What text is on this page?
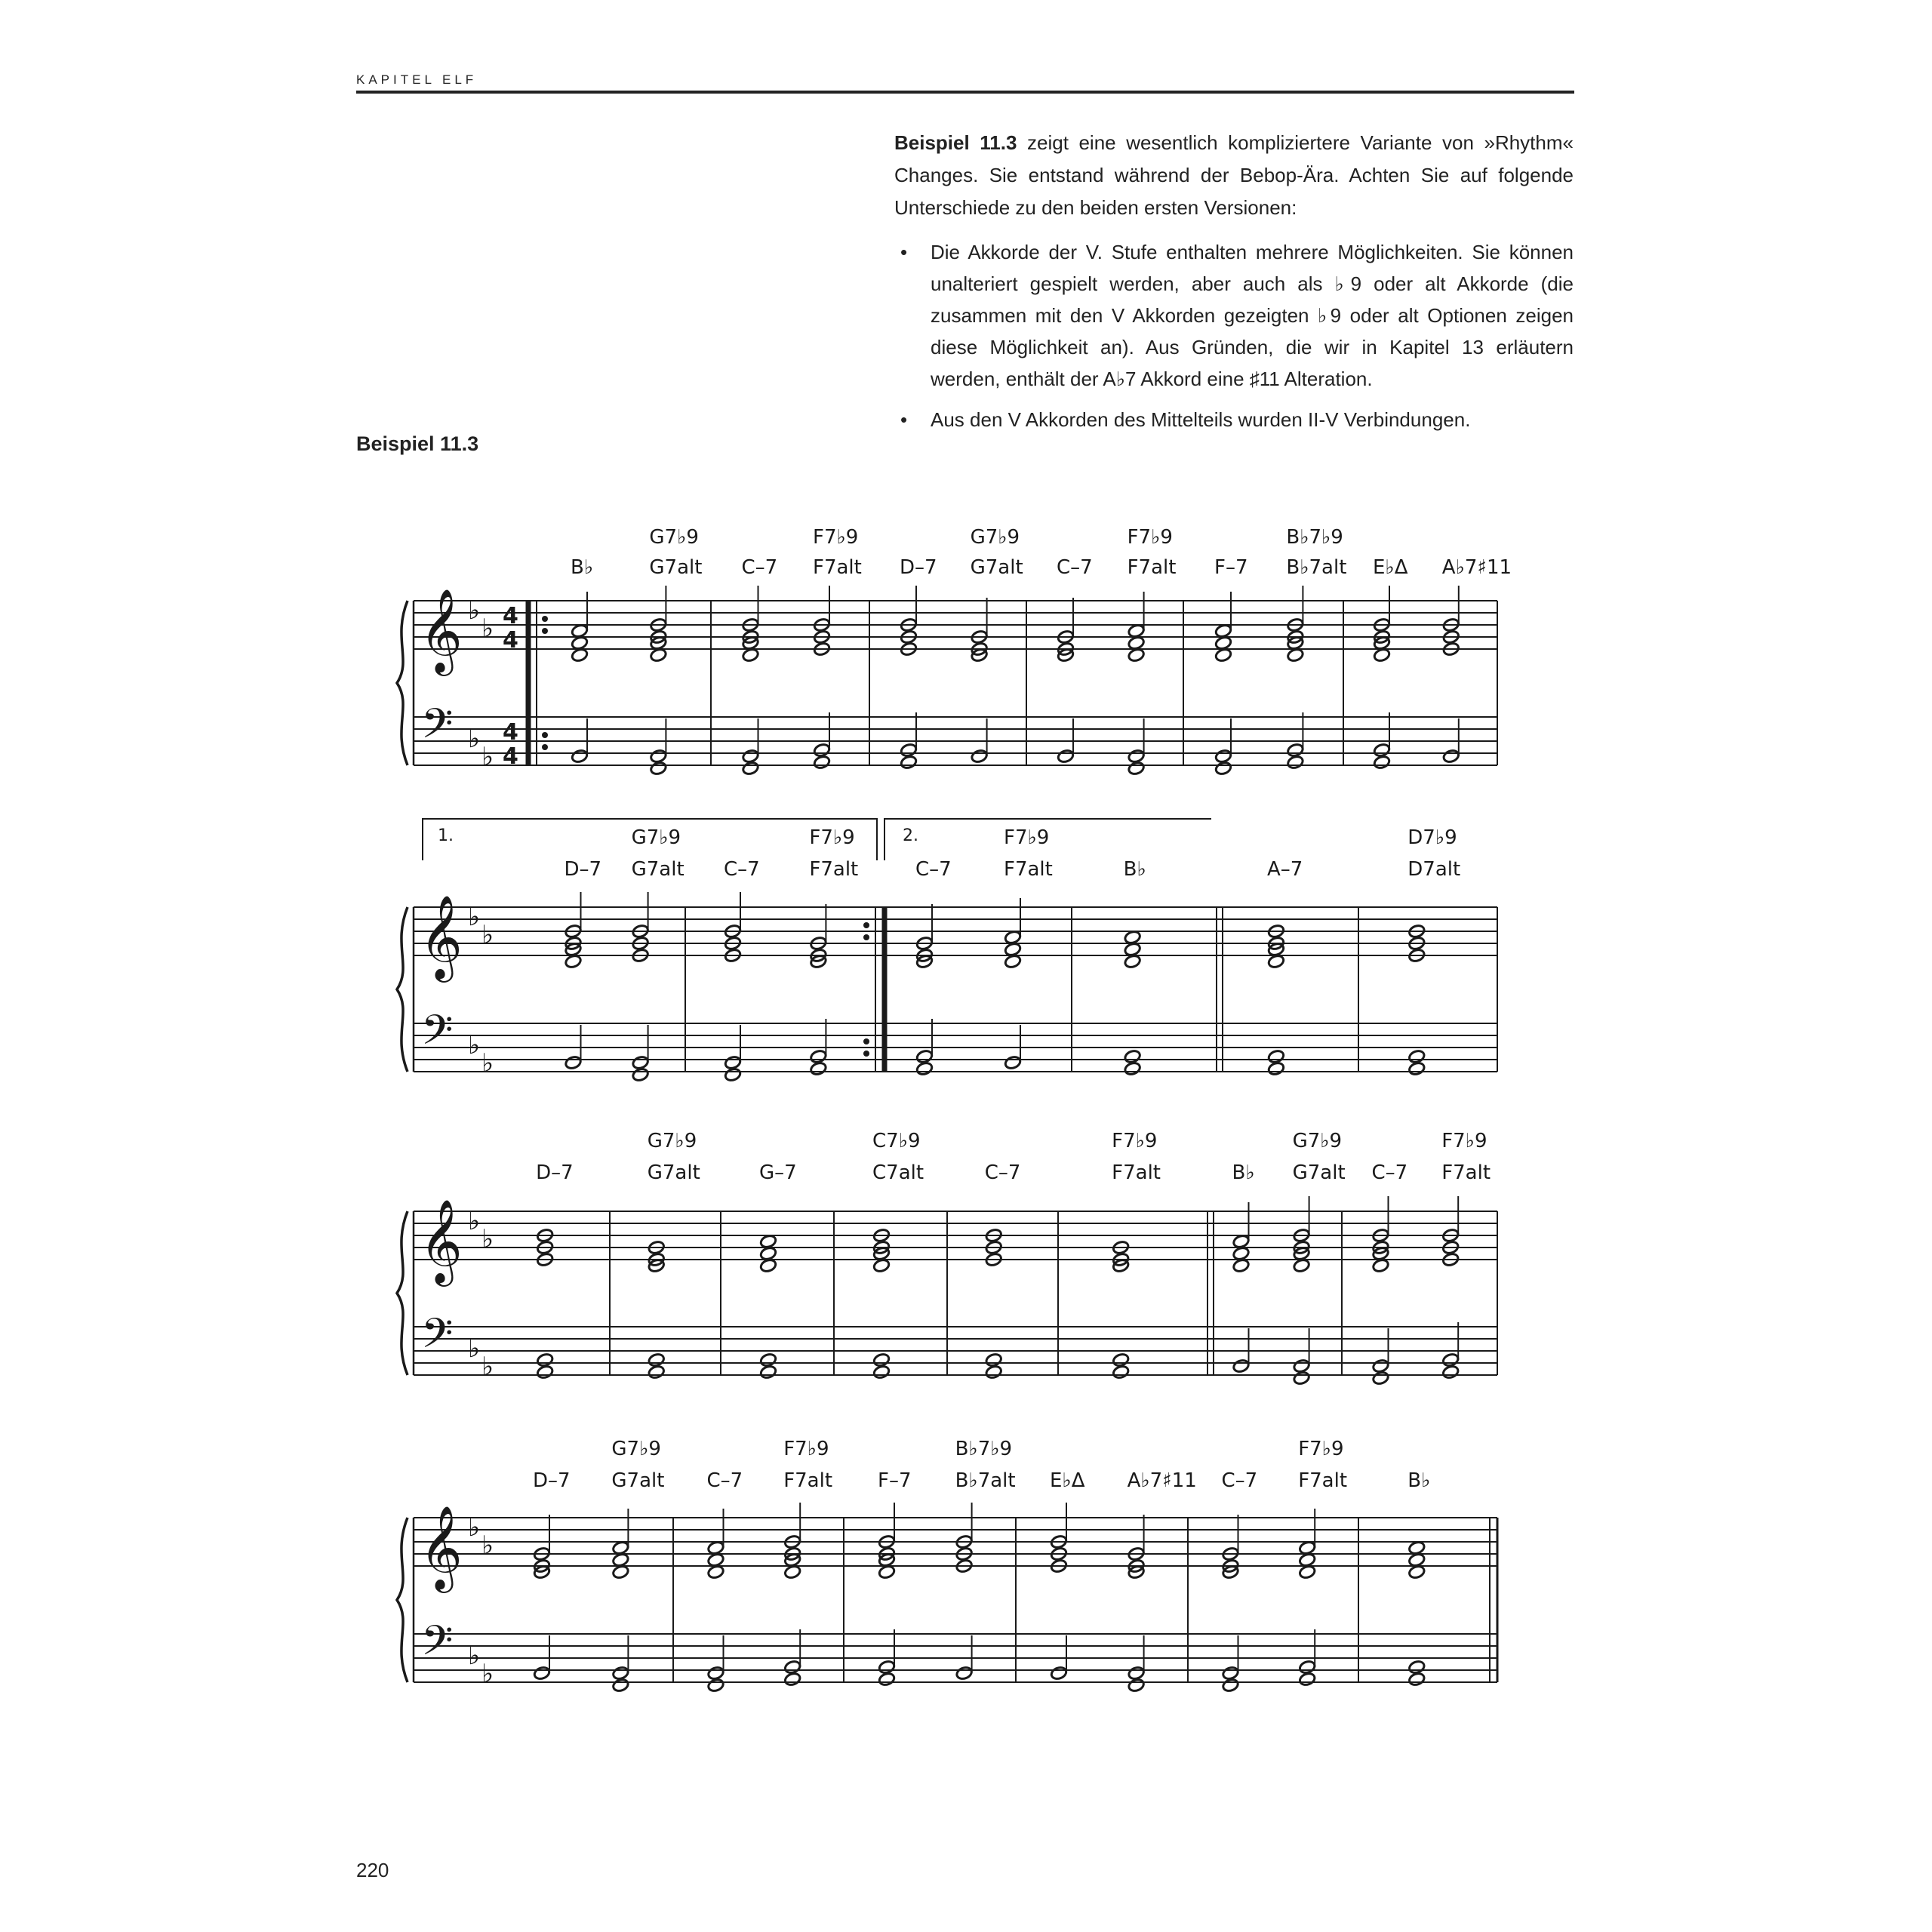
KAPITEL ELF
Beispiel 11.3 zeigt eine wesentlich kompliziertere Variante von »Rhythm« Changes. Sie entstand während der Bebop-Ära. Achten Sie auf folgende Unterschiede zu den beiden ersten Versionen:
• Die Akkorde der V. Stufe enthalten mehrere Möglichkeiten. Sie können unalteriert gespielt werden, aber auch als ♭9 oder alt Akkorde (die zusammen mit den V Akkorden gezeigten ♭9 oder alt Optionen zeigen diese Möglichkeit an). Aus Gründen, die wir in Kapitel 13 erläutern werden, enthält der A♭7 Akkord eine ♯11 Alteration.
• Aus den V Akkorden des Mittelteils wurden II-V Verbindungen.
Beispiel 11.3
𝄞
𝄢
♭
♭
♭
♭
4
4
4
4
B♭
G7♭9
G7alt C–7
F7♭9
F7alt D–7
G7♭9
G7alt C–7
F7♭9
F7alt F–7
B♭7♭9
B♭7alt E♭Δ A♭7♯11
𝄞
𝄢
♭
♭
♭
♭
1.	2.
D–7
G7♭9
G7alt C–7
F7♭9
F7alt	C–7
F7♭9
F7alt	B♭	A–7
D7♭9
D7alt
𝄞
𝄢
♭
♭
♭
♭
D–7
G7♭9
G7alt	G–7
C7♭9
C7alt	C–7
F7♭9
F7alt	B♭
G7♭9
G7alt C–7
F7♭9
F7alt
𝄞
𝄢
♭
♭
♭
♭
D–7
G7♭9
G7alt C–7
F7♭9
F7alt F–7
B♭7♭9
B♭7alt E♭Δ A♭7♯11 C–7
F7♭9
F7alt	B♭
220
